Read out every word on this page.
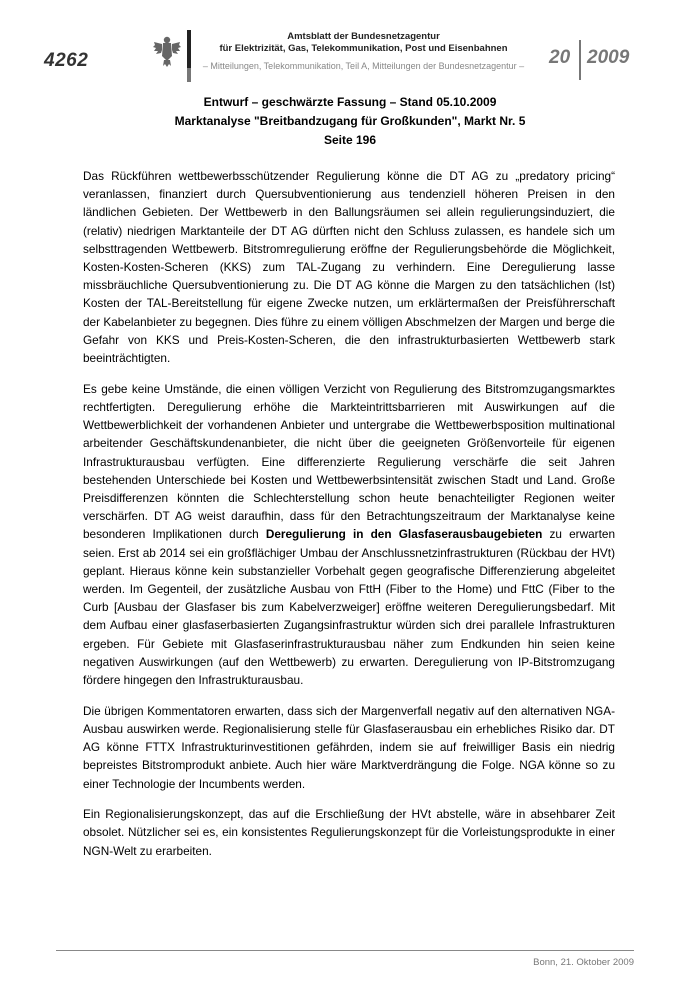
4262
Amtsblatt der Bundesnetzagentur
für Elektrizität, Gas, Telekommunikation, Post und Eisenbahnen
– Mitteilungen, Telekommunikation, Teil A, Mitteilungen der Bundesnetzagentur –	20 2009

Entwurf – geschwärzte Fassung – Stand 05.10.2009

Marktanalyse "Breitbandzugang für Großkunden", Markt Nr. 5

Seite 196

Das Rückführen wettbewerbsschützender Regulierung könne die DT AG zu „predatory pricing“ veranlassen, finanziert durch Quersubventionierung aus tendenziell höheren Preisen in den ländlichen Gebieten. Der Wettbewerb in den Ballungsräumen sei allein regulierungsinduziert, die (relativ) niedrigen Marktanteile der DT AG dürften nicht den Schluss zulassen, es handele sich um selbsttragenden Wettbewerb. Bitstromregulierung eröffne der Regulierungsbehörde die Möglichkeit, Kosten-Kosten-Scheren (KKS) zum TAL-Zugang zu verhindern. Eine Deregulierung lasse missbräuchliche Quersubventionierung zu. Die DT AG könne die Margen zu den tatsächlichen (Ist) Kosten der TAL-Bereitstellung für eigene Zwecke nutzen, um erklärtermaßen der Preisführerschaft der Kabelanbieter zu begegnen. Dies führe zu einem völligen Abschmelzen der Margen und berge die Gefahr von KKS und Preis-Kosten-Scheren, die den infrastrukturbasierten Wettbewerb stark beeinträchtigten.

Es gebe keine Umstände, die einen völligen Verzicht von Regulierung des Bitstromzugangsmarktes rechtfertigten. Deregulierung erhöhe die Markteintrittsbarrieren mit Auswirkungen auf die Wettbewerblichkeit der vorhandenen Anbieter und untergrabe die Wettbewerbsposition multinational arbeitender Geschäftskundenanbieter, die nicht über die geeigneten Größenvorteile für eigenen Infrastrukturausbau verfügten. Eine differenzierte Regulierung verschärfe die seit Jahren bestehenden Unterschiede bei Kosten und Wettbewerbsintensität zwischen Stadt und Land. Große Preisdifferenzen könnten die Schlechterstellung schon heute benachteiligter Regionen weiter verschärfen. DT AG weist daraufhin, dass für den Betrachtungszeitraum der Marktanalyse keine besonderen Implikationen durch Deregulierung in den Glasfaserausbaugebieten zu erwarten seien. Erst ab 2014 sei ein großflächiger Umbau der Anschlussnetzinfrastrukturen (Rückbau der HVt) geplant. Hieraus könne kein substanzieller Vorbehalt gegen geografische Differenzierung abgeleitet werden. Im Gegenteil, der zusätzliche Ausbau von FttH (Fiber to the Home) und FttC (Fiber to the Curb [Ausbau der Glasfaser bis zum Kabelverzweiger] eröffne weiteren Deregulierungsbedarf. Mit dem Aufbau einer glasfaserbasierten Zugangsinfrastruktur würden sich drei parallele Infrastrukturen ergeben. Für Gebiete mit Glasfaserinfrastrukturausbau näher zum Endkunden hin seien keine negativen Auswirkungen (auf den Wettbewerb) zu erwarten. Deregulierung von IP-Bitstromzugang fördere hingegen den Infrastrukturausbau.

Die übrigen Kommentatoren erwarten, dass sich der Margenverfall negativ auf den alternativen NGA-Ausbau auswirken werde. Regionalisierung stelle für Glasfaserausbau ein erhebliches Risiko dar. DT AG könne FTTX Infrastrukturinvestitionen gefährden, indem sie auf freiwilliger Basis ein niedrig bepreistes Bitstromprodukt anbiete. Auch hier wäre Marktverdrängung die Folge. NGA könne so zu einer Technologie der Incumbents werden.

Ein Regionalisierungskonzept, das auf die Erschließung der HVt abstelle, wäre in absehbarer Zeit obsolet. Nützlicher sei es, ein konsistentes Regulierungskonzept für die Vorleistungsprodukte in einer NGN-Welt zu erarbeiten.

Bonn, 21. Oktober 2009
